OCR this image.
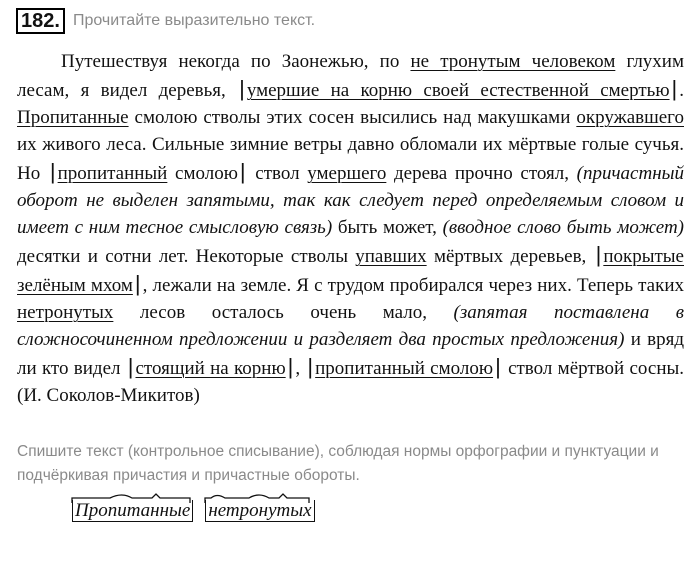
182. Прочитайте выразительно текст.

Путешествуя некогда по Заонежью, по не тронутым человеком глухим лесам, я видел деревья, | умершие на корню своей естественной смертью| . Пропитанные смолою стволы этих сосен высились над макушками окружавшего их живого леса. Сильные зимние ветры давно обломали их мёртвые голые сучья. Но | пропитанный смолою| ствол умершего дерева прочно стоял, (причастный оборот не выделен запятыми, так как следует перед определяемым словом и имеет с ним тесное смысловую связь) быть может, (вводное слово быть может) десятки и сотни лет. Некоторые стволы упавших мёртвых деревьев, | покрытые зелёным мхом| , лежали на земле. Я с трудом пробирался через них. Теперь таких нетронутых лесов осталось очень мало, (запятая поставлена в сложносочиненном предложении и разделяет два простых предложения) и вряд ли кто видел | стоящий на корню| , | пропитанный смолою| ствол мёртвой сосны. (И. Соколов-Микитов)

Спишите текст (контрольное списывание), соблюдая нормы орфографии и пунктуации и подчёркивая причастия и причастные обороты.
Пропитанные нетронутых
